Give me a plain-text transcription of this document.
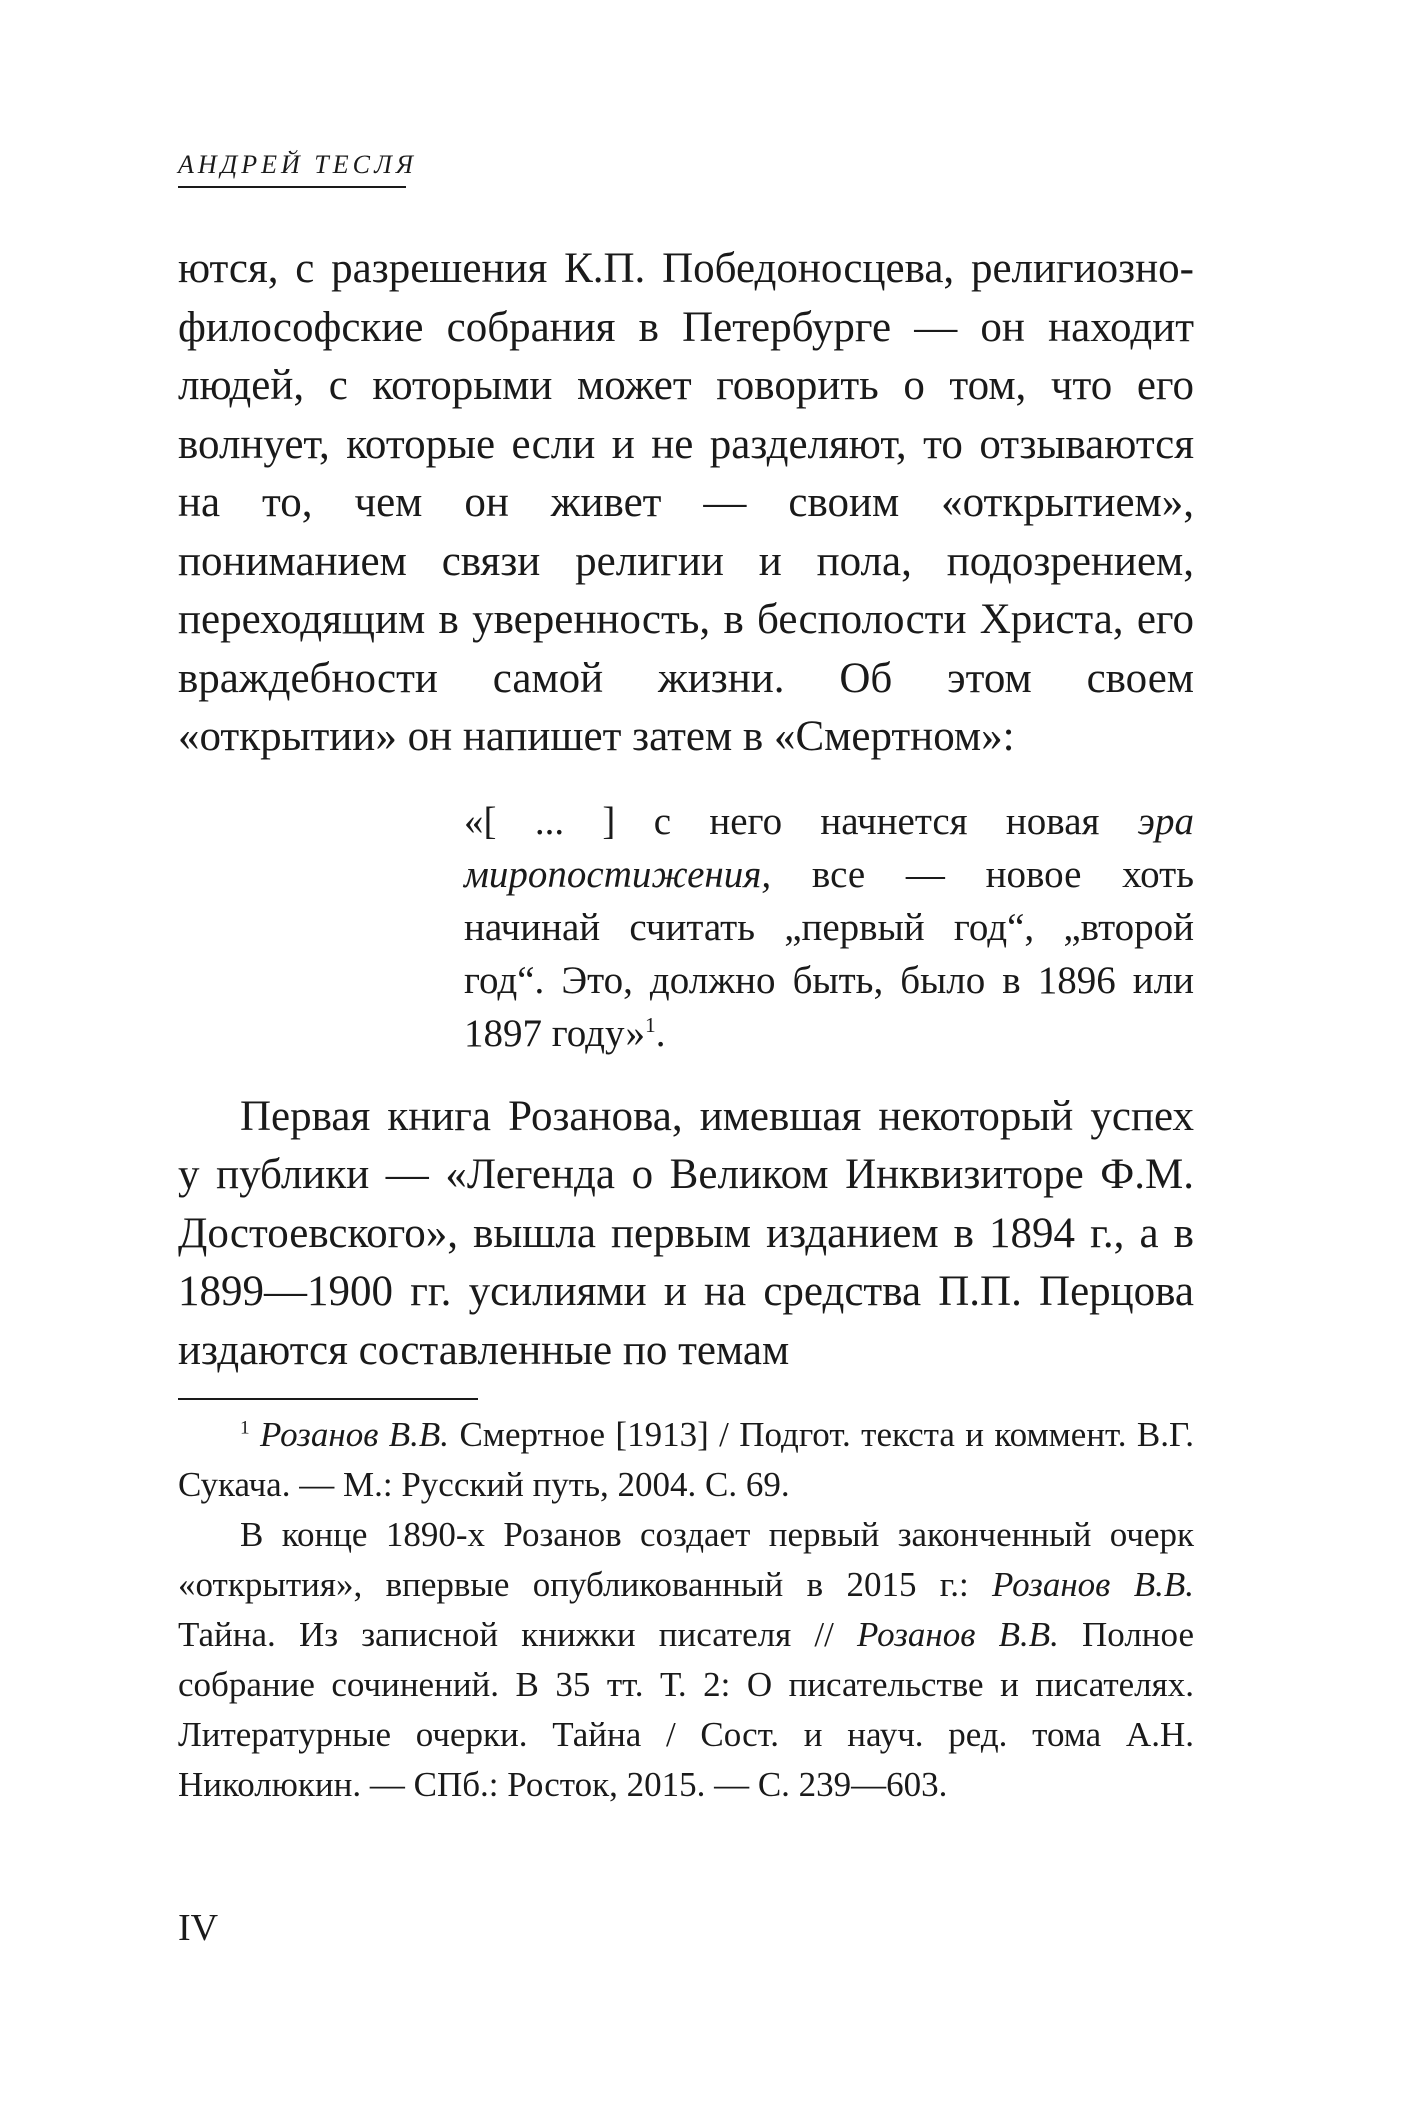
АНДРЕЙ ТЕСЛЯ

ются, с разрешения К.П. Победоносцева, религиозно-философские собрания в Петербурге — он находит людей, с которыми может говорить о том, что его волнует, которые если и не разделяют, то отзываются на то, чем он живет — своим «открытием», пониманием связи религии и пола, подозрением, переходящим в уверенность, в бесполости Христа, его враждебности самой жизни. Об этом своем «открытии» он напишет затем в «Смертном»:

«[ ... ] с него начнется новая эра миропостижения, все — новое хоть начинай считать „первый год“, „второй год“. Это, должно быть, было в 1896 или 1897 году»$^1$.

Первая книга Розанова, имевшая некоторый успех у публики — «Легенда о Великом Инквизиторе Ф.М. Достоевского», вышла первым изданием в 1894 г., а в 1899—1900 гг. усилиями и на средства П.П. Перцова издаются составленные по темам

$^1$ Розанов В.В. Смертное [1913] / Подгот. текста и коммент. В.Г. Сукача. — М.: Русский путь, 2004. С. 69.

В конце 1890-х Розанов создает первый законченный очерк «открытия», впервые опубликованный в 2015 г.: Розанов В.В. Тайна. Из записной книжки писателя // Розанов В.В. Полное собрание сочинений. В 35 тт. Т. 2: О писательстве и писателях. Литературные очерки. Тайна / Сост. и науч. ред. тома А.Н. Николюкин. — СПб.: Росток, 2015. — С. 239—603.

IV
